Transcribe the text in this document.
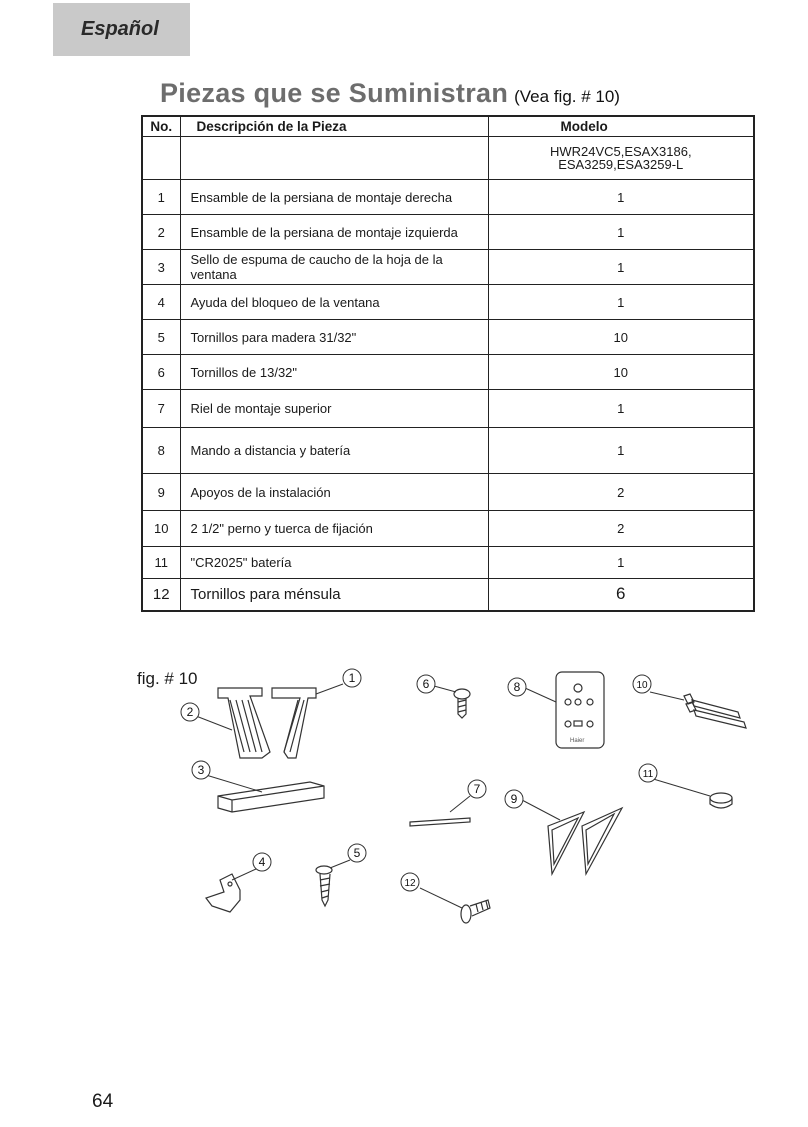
Español
Piezas que se Suministran (Vea fig. # 10)
No.	Descripción de la Pieza	Modelo

		HWR24VC5,ESAX3186,
ESA3259,ESA3259-L

1	Ensamble de la persiana de montaje derecha	1
2	Ensamble de la persiana de montaje izquierda	1
3	Sello de espuma de caucho de la hoja de la ventana	1
4	Ayuda del bloqueo de la ventana	1
5	Tornillos para madera 31/32"	10
6	Tornillos de 13/32"	10
7	Riel de montaje superior	1
8	Mando a distancia y batería	1
9	Apoyos de la instalación	2
10	2 1/2" perno y tuerca de fijación	2
11	"CR2025" batería	1
12	Tornillos para ménsula	6
fig. # 10
Haier
1
2
3
4
5
6
7
8
9
10
11
12
64
